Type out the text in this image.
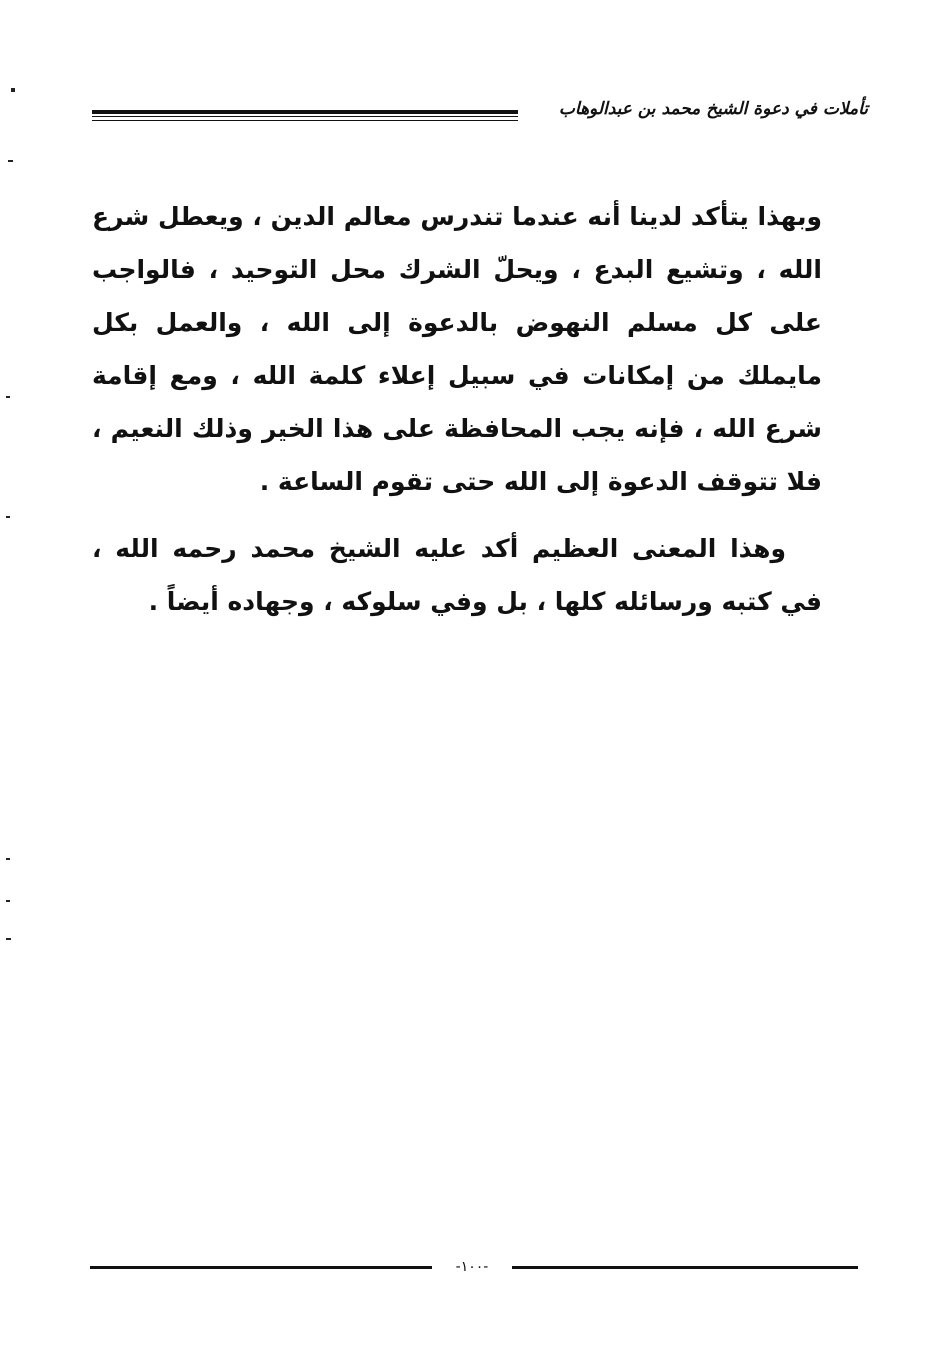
تأملات في دعوة الشيخ محمد بن عبدالوهاب

وبهذا يتأكد لدينا أنه عندما تندرس معالم الدين ، ويعطل شرع الله ، وتشيع البدع ، ويحلّ الشرك محل التوحيد ، فالواجب على كل مسلم النهوض بالدعوة إلى الله ، والعمل بكل مايملك من إمكانات في سبيل إعلاء كلمة الله ، ومع إقامة شرع الله ، فإنه يجب المحافظة على هذا الخير وذلك النعيم ، فلا تتوقف الدعوة إلى الله حتى تقوم الساعة .

وهذا المعنى العظيم أكد عليه الشيخ محمد رحمه الله ، في كتبه ورسائله كلها ، بل وفي سلوكه ، وجهاده أيضاً .

-١٠٠-
